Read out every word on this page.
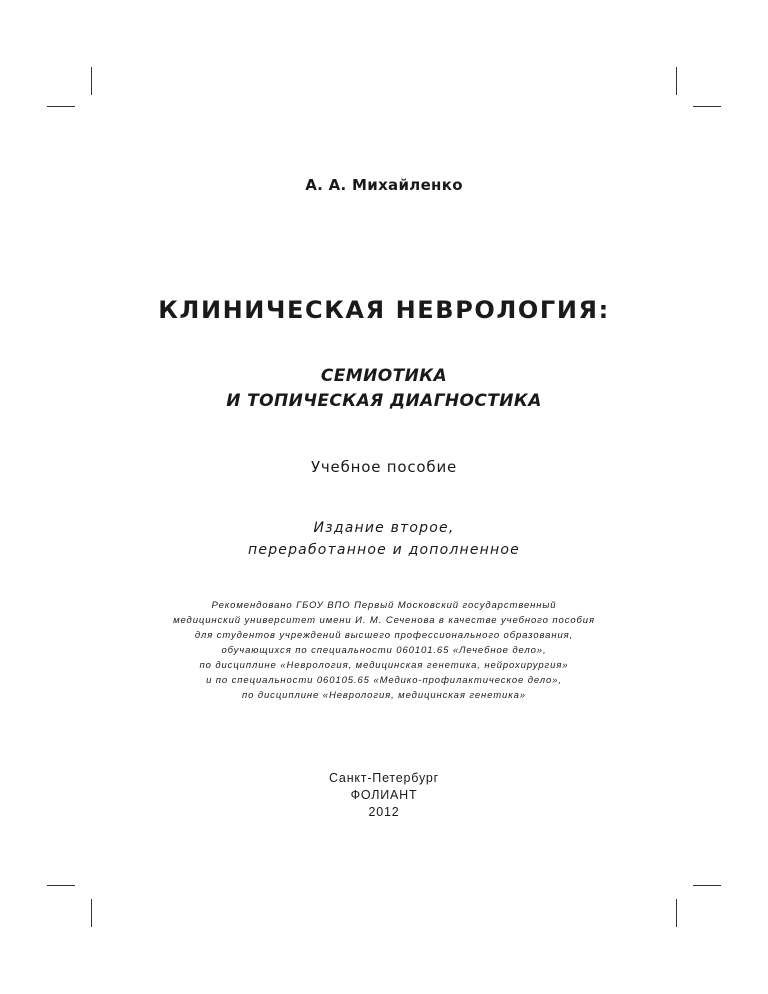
А. А. Михайленко
КЛИНИЧЕСКАЯ НЕВРОЛОГИЯ:
СЕМИОТИКА
И ТОПИЧЕСКАЯ ДИАГНОСТИКА
Учебное пособие
Издание второе,
переработанное и дополненное
Рекомендовано ГБОУ ВПО Первый Московский государственный
медицинский университет имени И. М. Сеченова в качестве учебного пособия
для студентов учреждений высшего профессионального образования,
обучающихся по специальности 060101.65 «Лечебное дело»,
по дисциплине «Неврология, медицинская генетика, нейрохирургия»
и по специальности 060105.65 «Медико-профилактическое дело»,
по дисциплине «Неврология, медицинская генетика»
Санкт-Петербург
ФОЛИАНТ
2012
